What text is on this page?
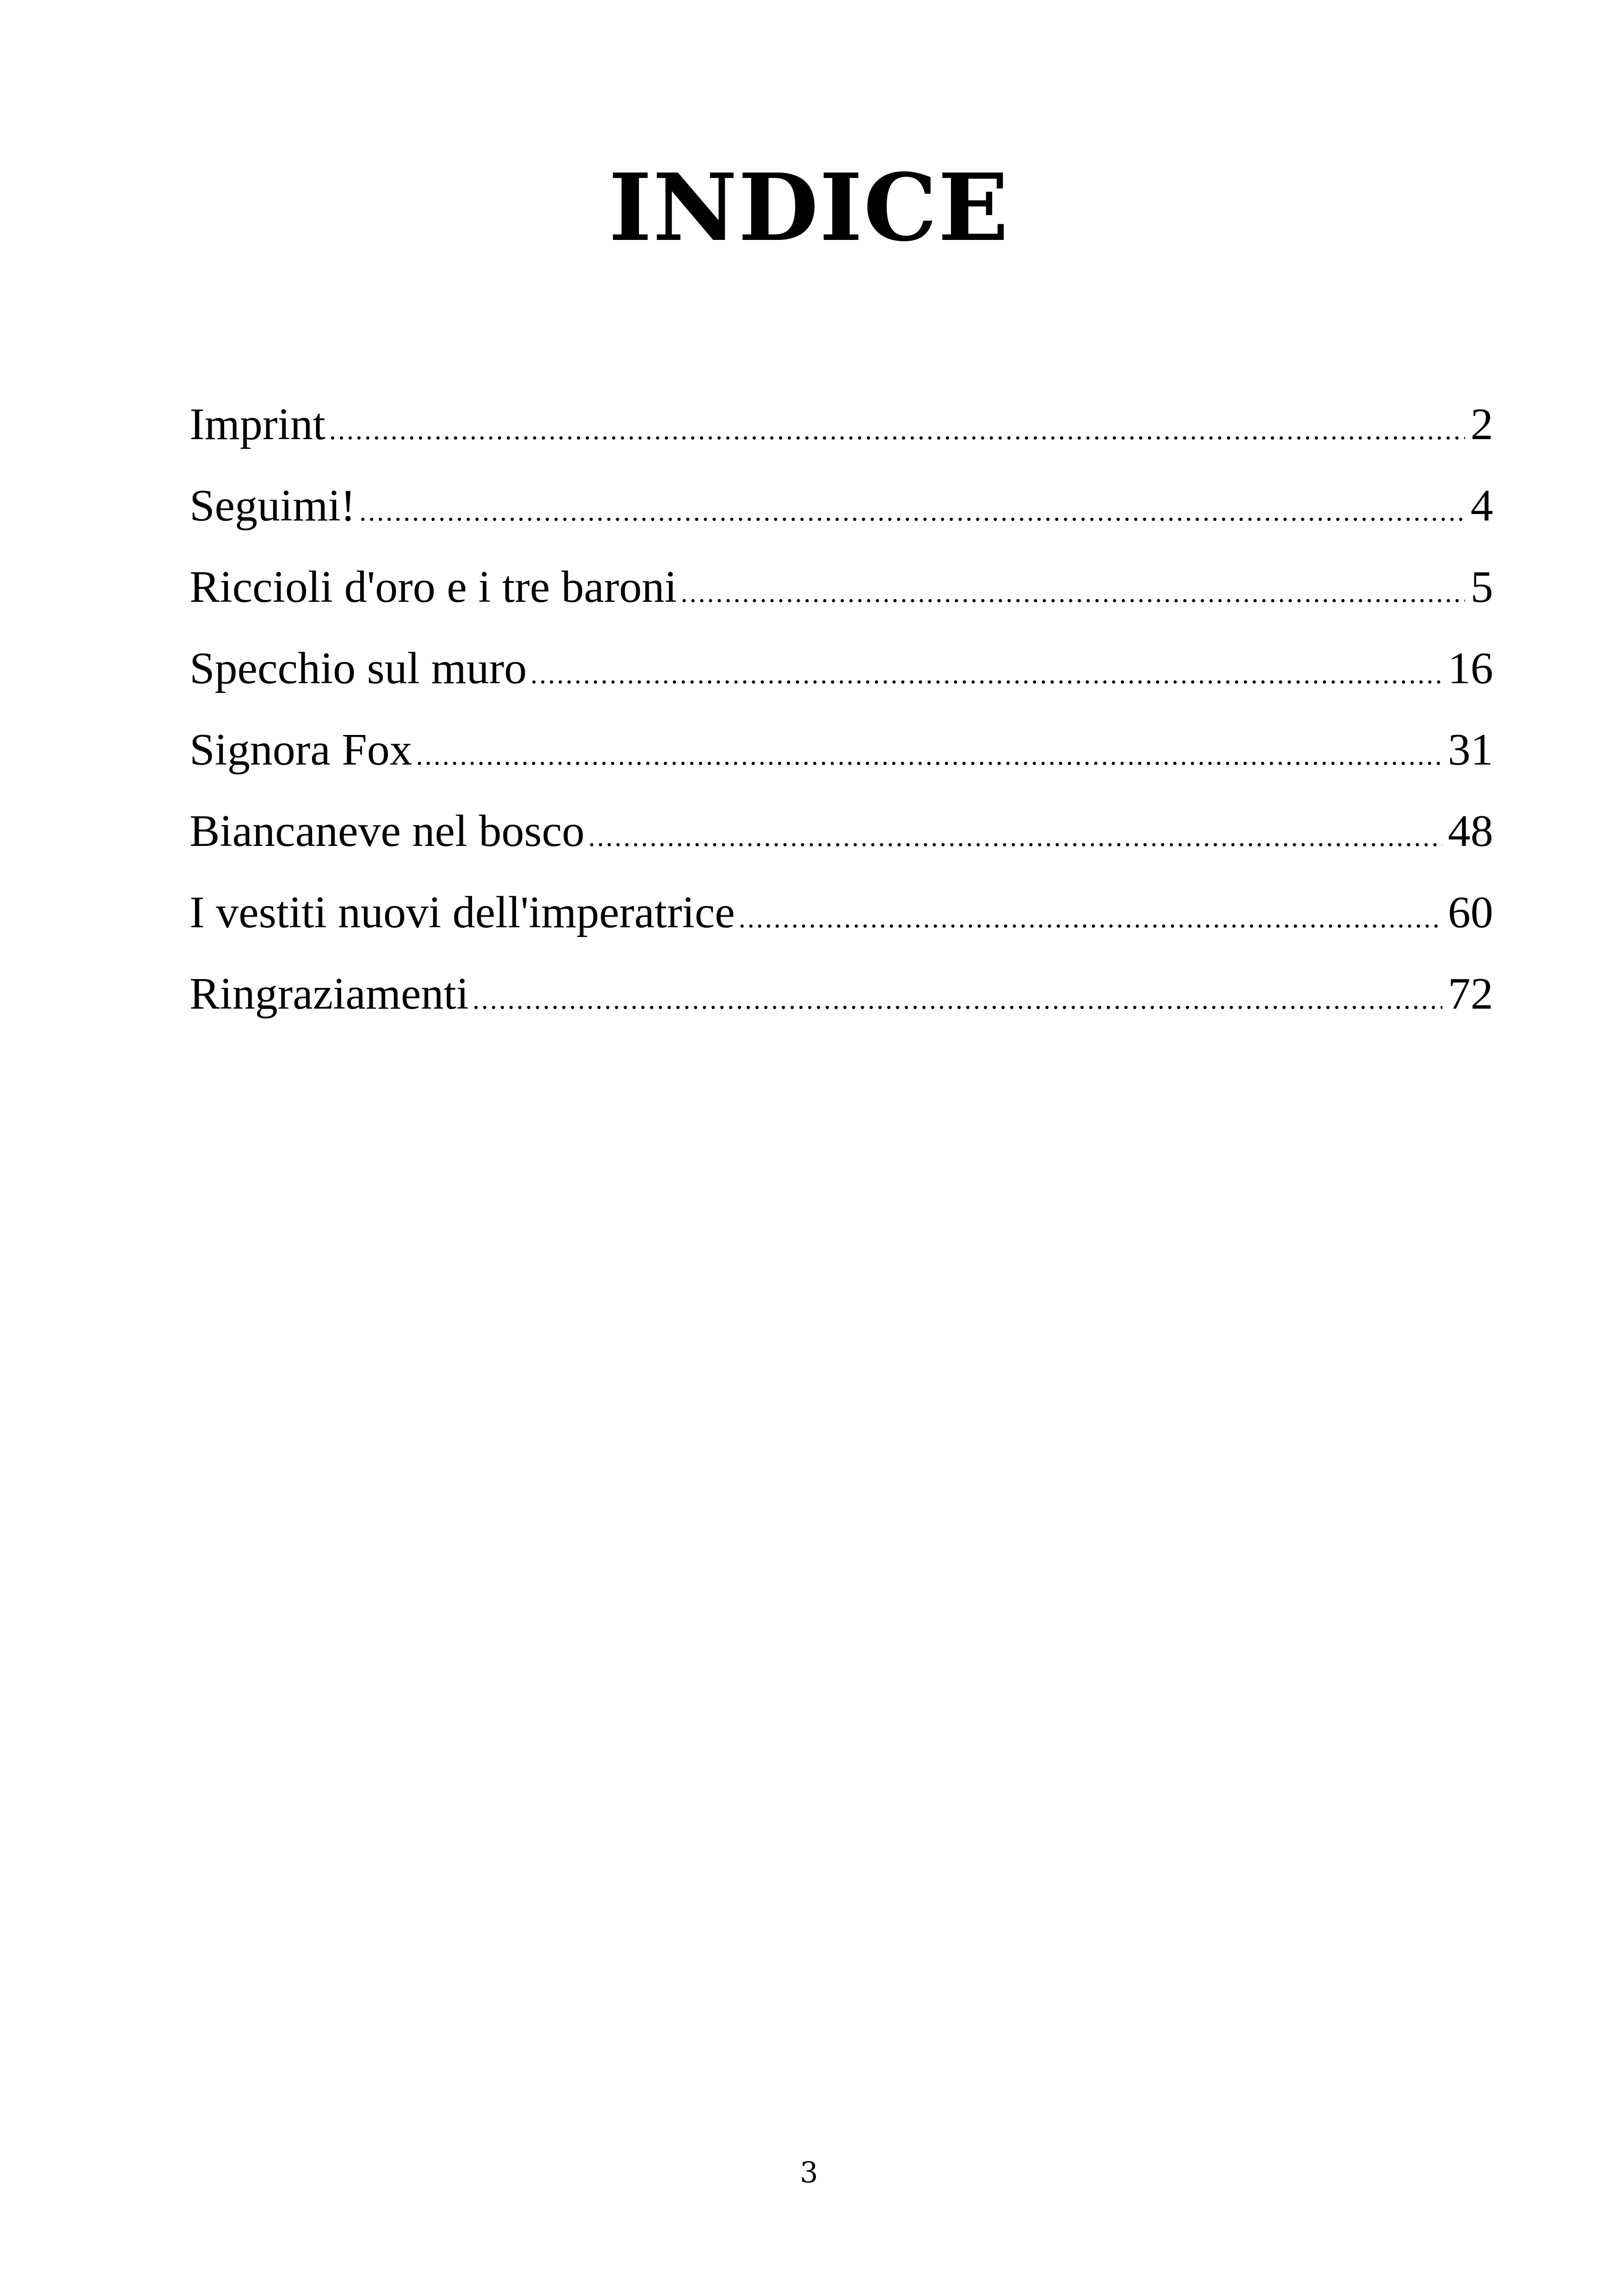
INDICE
Imprint .....	2
Seguimi! .....	4
Riccioli d'oro e i tre baroni .....	5
Specchio sul muro .....	16
Signora Fox .....	31
Biancaneve nel bosco .....	48
I vestiti nuovi dell'imperatrice .....	60
Ringraziamenti .....	72
3
